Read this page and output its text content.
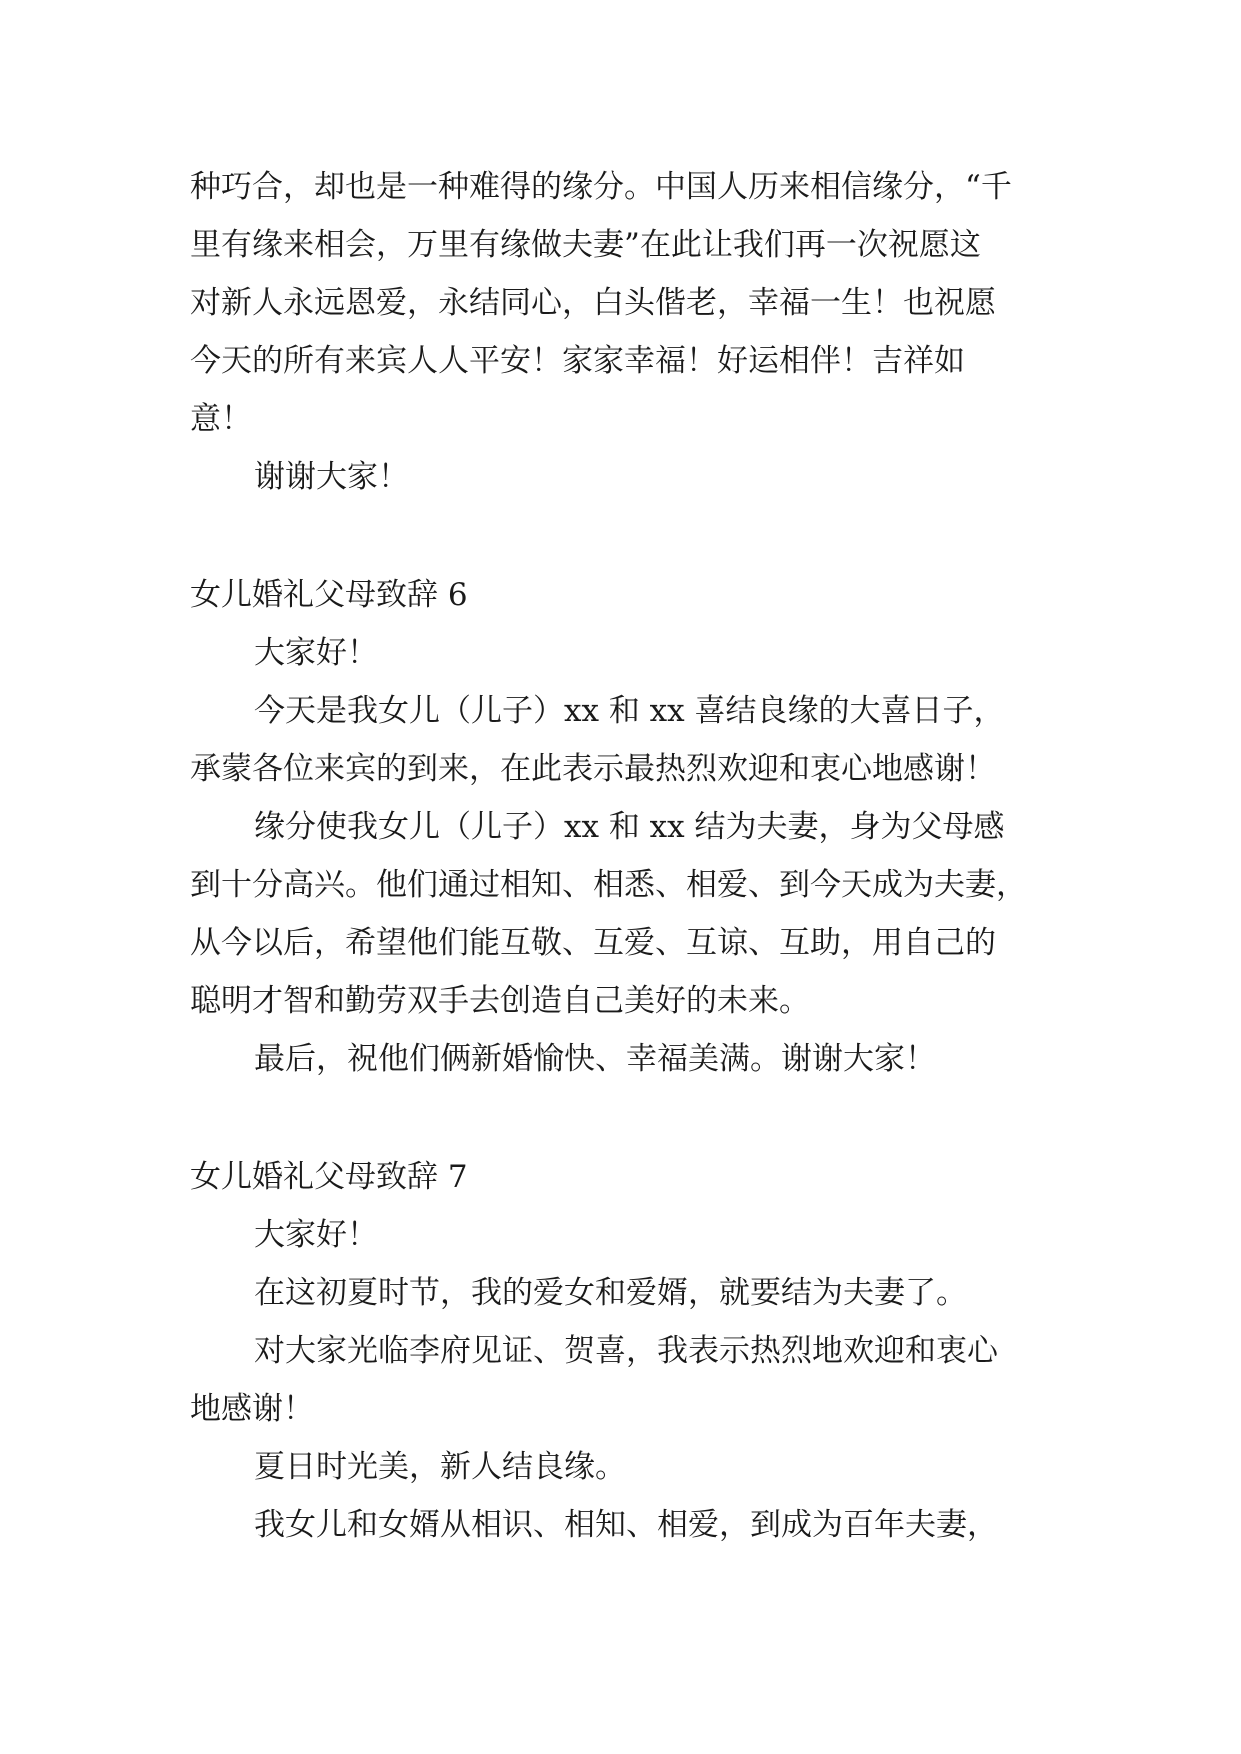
种巧合，却也是一种难得的缘分。中国人历来相信缘分，“千
里有缘来相会，万里有缘做夫妻”在此让我们再一次祝愿这
对新人永远恩爱，永结同心，白头偕老，幸福一生！也祝愿
今天的所有来宾人人平安！家家幸福！好运相伴！吉祥如
意！
谢谢大家！
女儿婚礼父母致辞 6
大家好！
今天是我女儿（儿子）xx 和 xx 喜结良缘的大喜日子，
承蒙各位来宾的到来，在此表示最热烈欢迎和衷心地感谢！
缘分使我女儿（儿子）xx 和 xx 结为夫妻，身为父母感
到十分高兴。他们通过相知、相悉、相爱、到今天成为夫妻，
从今以后，希望他们能互敬、互爱、互谅、互助，用自己的
聪明才智和勤劳双手去创造自己美好的未来。
最后，祝他们俩新婚愉快、幸福美满。谢谢大家！
女儿婚礼父母致辞 7
大家好！
在这初夏时节，我的爱女和爱婿，就要结为夫妻了。
对大家光临李府见证、贺喜，我表示热烈地欢迎和衷心
地感谢！
夏日时光美，新人结良缘。
我女儿和女婿从相识、相知、相爱，到成为百年夫妻，
